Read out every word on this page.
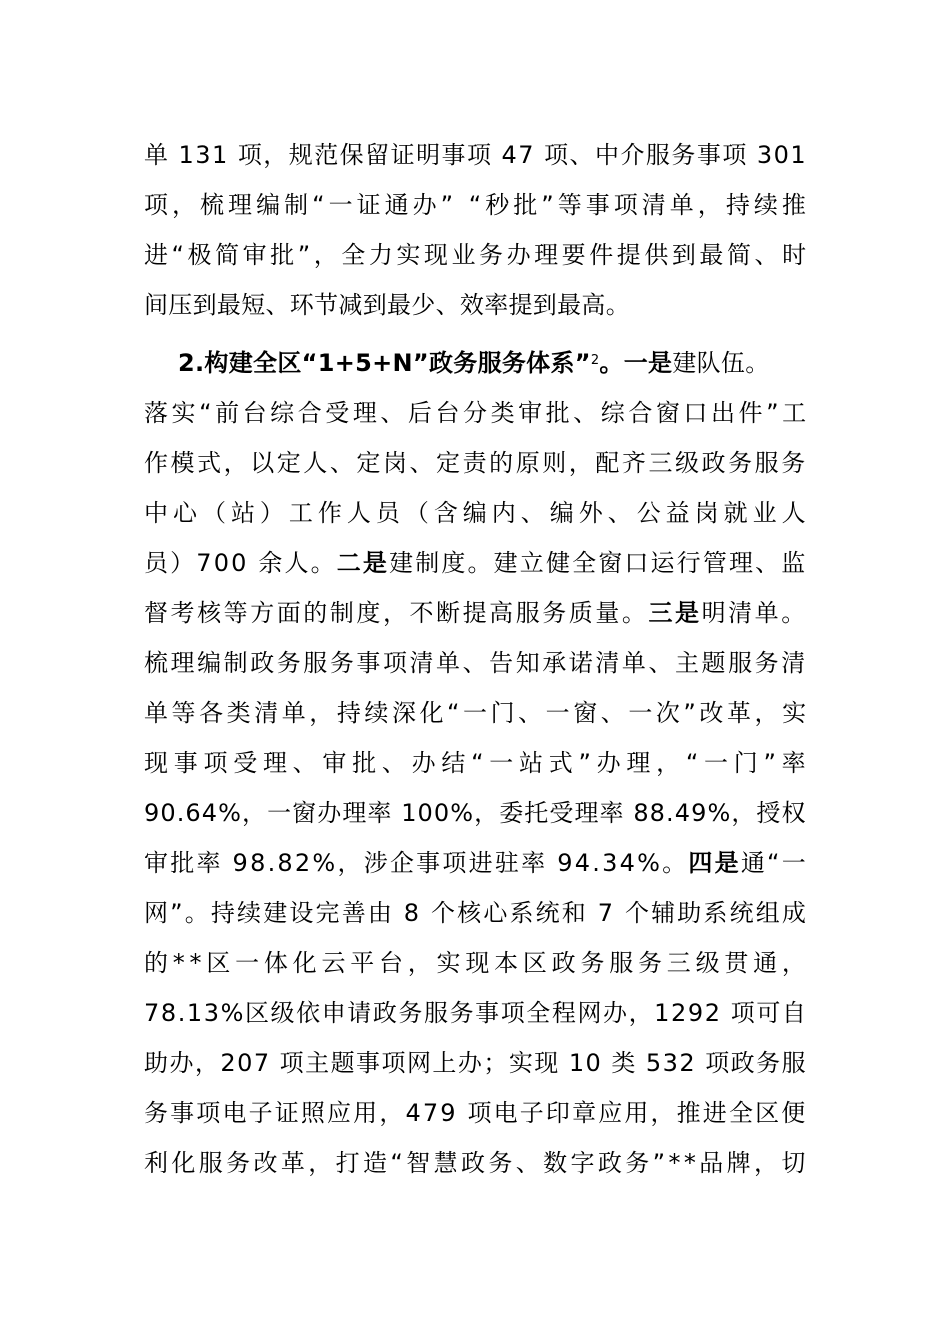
单 131 项，规范保留证明事项 47 项、中介服务事项 301
项，梳理编制“一证通办” “秒批”等事项清单，持续推
进“极简审批”，全力实现业务办理要件提供到最简、时
间压到最短、环节减到最少、效率提到最高。
2.构建全区“1+5+N”政务服务体系”$^2$。一是建队伍。
落实“前台综合受理、后台分类审批、综合窗口出件”工
作模式，以定人、定岗、定责的原则，配齐三级政务服务
中心（站）工作人员（含编内、编外、公益岗就业人
员）700 余人。二是建制度。建立健全窗口运行管理、监
督考核等方面的制度，不断提高服务质量。三是明清单。
梳理编制政务服务事项清单、告知承诺清单、主题服务清
单等各类清单，持续深化“一门、一窗、一次”改革，实
现事项受理、审批、办结“一站式”办理，“一门”率
90.64%，一窗办理率 100%，委托受理率 88.49%，授权
审批率 98.82%，涉企事项进驻率 94.34%。四是通“一
网”。持续建设完善由 8 个核心系统和 7 个辅助系统组成
的**区一体化云平台，实现本区政务服务三级贯通，
78.13%区级依申请政务服务事项全程网办，1292 项可自
助办，207 项主题事项网上办；实现 10 类 532 项政务服
务事项电子证照应用，479 项电子印章应用，推进全区便
利化服务改革，打造“智慧政务、数字政务”**品牌，切
